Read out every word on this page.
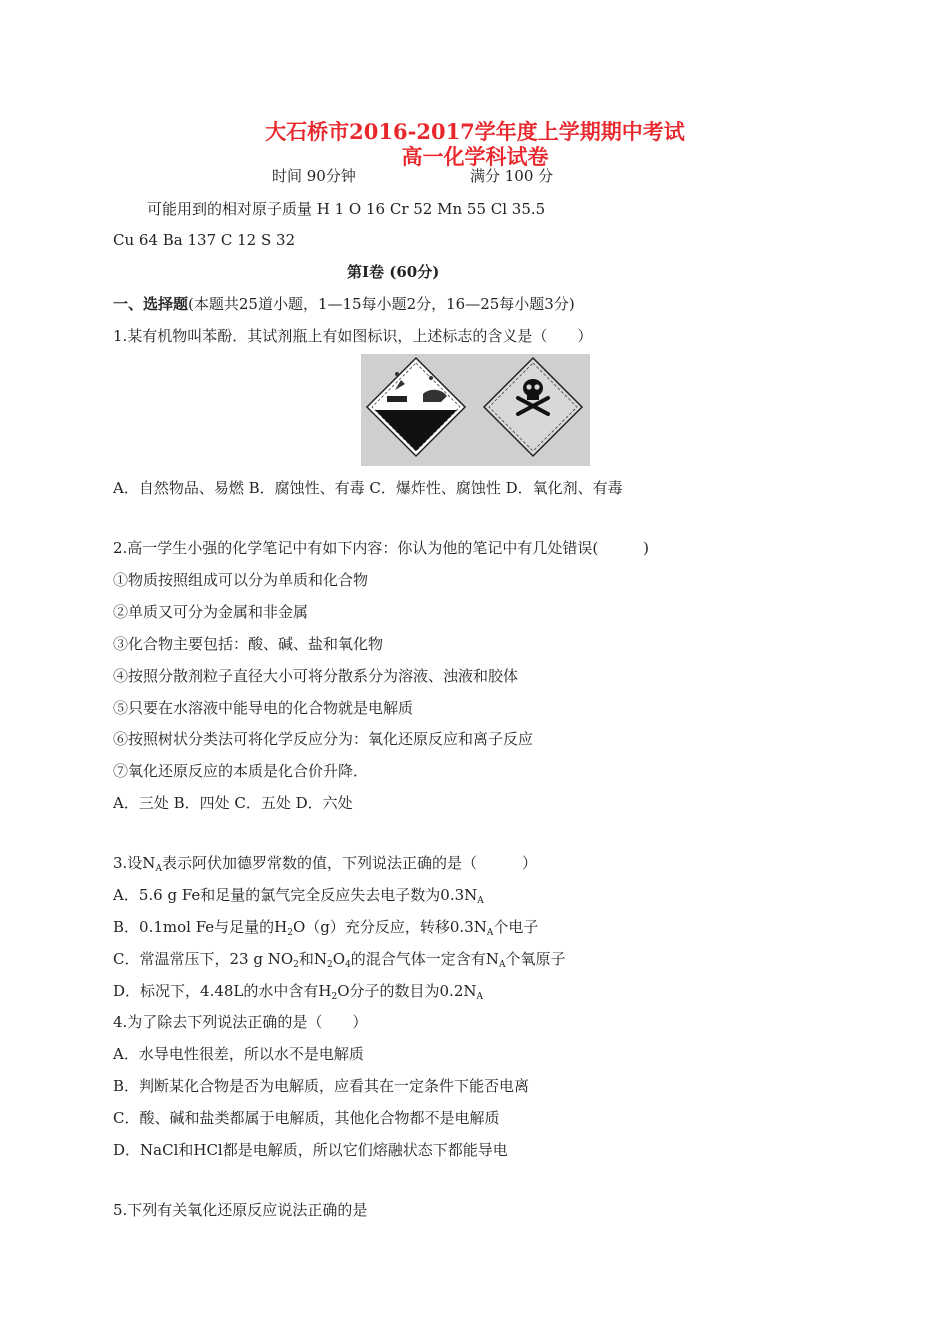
大石桥市2016-2017学年度上学期期中考试
高一化学科试卷
时间 90分钟	满分 100 分
可能用到的相对原子质量 H 1 O 16 Cr 52 Mn 55 Cl 35.5
Cu 64 Ba 137 C 12 S 32
第Ⅰ卷 (60分)
一、选择题(本题共25道小题，1—15每小题2分，16—25每小题3分)
1.某有机物叫苯酚．其试剂瓶上有如图标识，上述标志的含义是（　　）
A．自然物品、易燃 B．腐蚀性、有毒 C．爆炸性、腐蚀性 D．氧化剂、有毒
2.高一学生小强的化学笔记中有如下内容：你认为他的笔记中有几处错误(　　　)
①物质按照组成可以分为单质和化合物
②单质又可分为金属和非金属
③化合物主要包括：酸、碱、盐和氧化物
④按照分散剂粒子直径大小可将分散系分为溶液、浊液和胶体
⑤只要在水溶液中能导电的化合物就是电解质
⑥按照树状分类法可将化学反应分为：氧化还原反应和离子反应
⑦氧化还原反应的本质是化合价升降．
A．三处 B．四处 C．五处 D．六处
3.设$N_A$表示阿伏加德罗常数的值，下列说法正确的是（　　　）
A．5.6 g Fe和足量的氯气完全反应失去电子数为$0.3N_A$
B．0.1mol Fe与足量的$H_2O(g)$充分反应，转移$0.3N_A$个电子
C．常温常压下，23 g $NO_2$和$N_2O_4$的混合气体一定含有$N_A$个氧原子
D．标况下，4.48L的水中含有$H_2O$分子的数目为$0.2N_A$
4.为了除去下列说法正确的是（　　）
A．水导电性很差，所以水不是电解质
B．判断某化合物是否为电解质，应看其在一定条件下能否电离
C．酸、碱和盐类都属于电解质，其他化合物都不是电解质
D．NaCl和HCl都是电解质，所以它们熔融状态下都能导电
5.下列有关氧化还原反应说法正确的是
